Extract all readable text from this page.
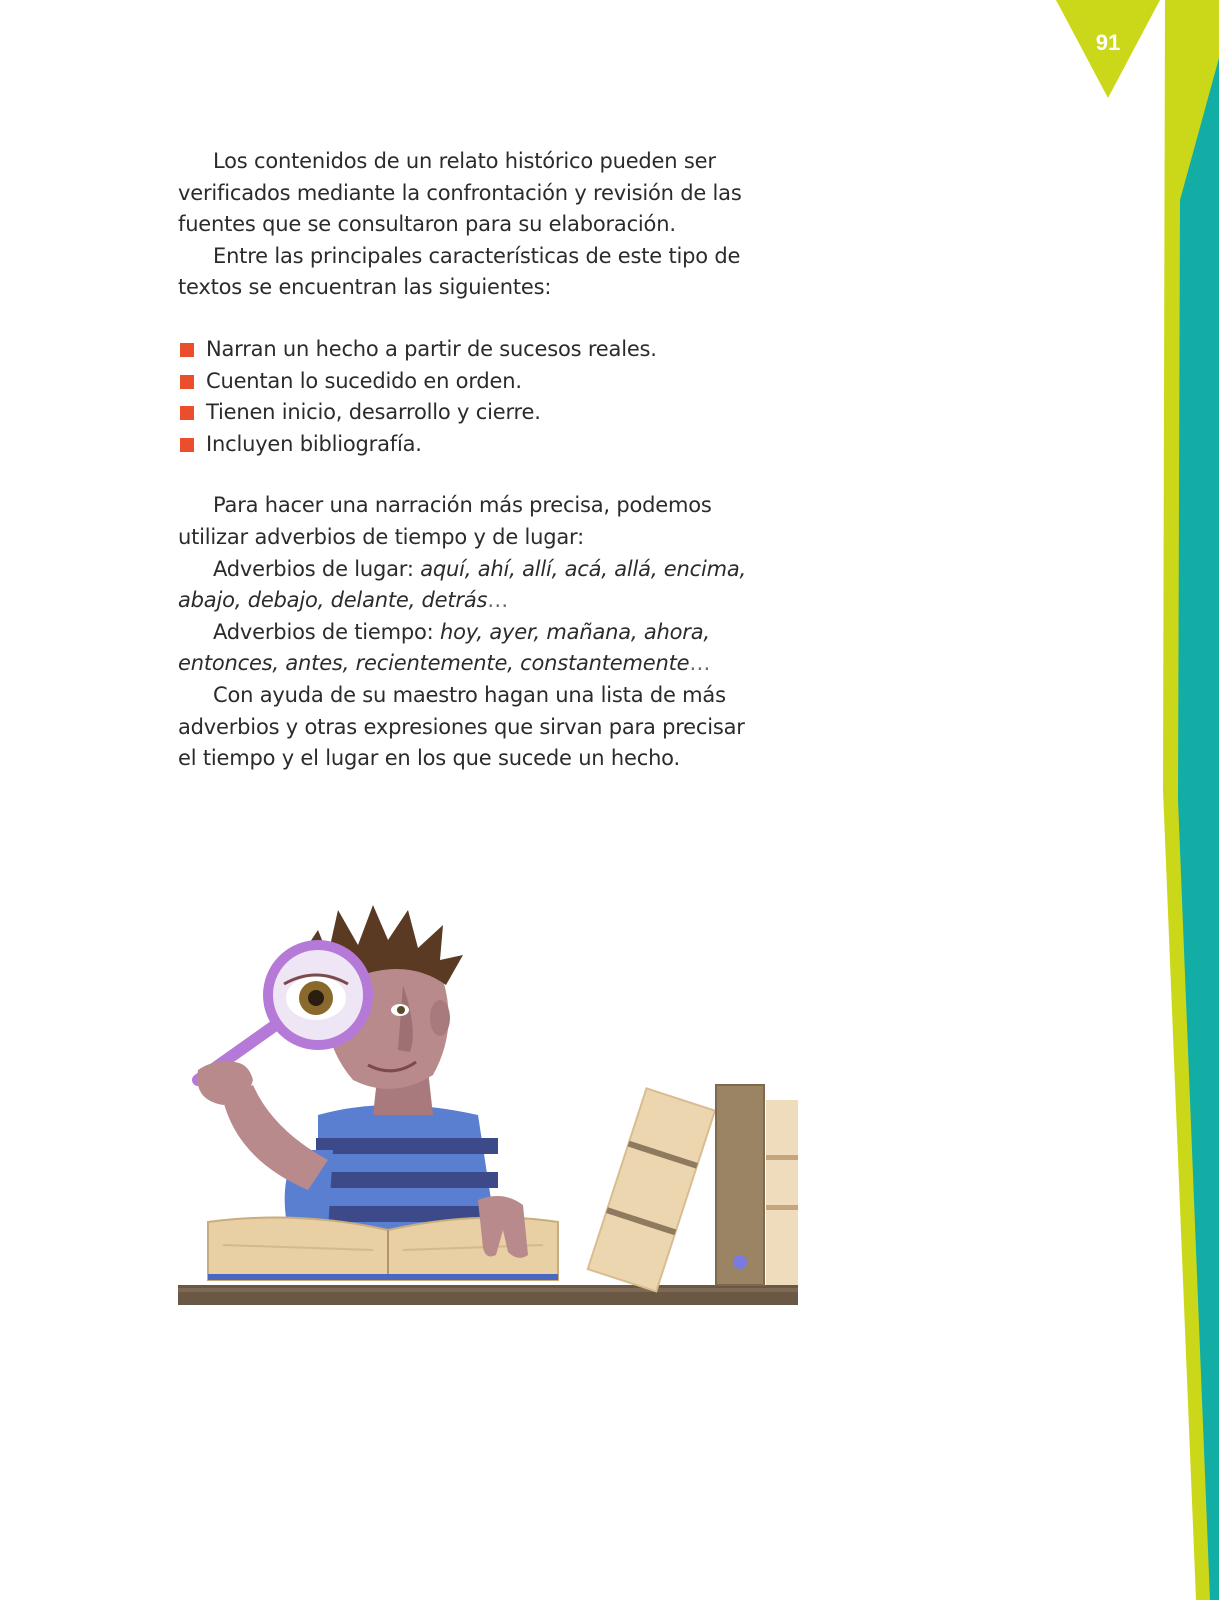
91

Los contenidos de un relato histórico pueden ser verificados mediante la confrontación y revisión de las fuentes que se consultaron para su elaboración.

Entre las principales características de este tipo de textos se encuentran las siguientes:

Narran un hecho a partir de sucesos reales.
Cuentan lo sucedido en orden.
Tienen inicio, desarrollo y cierre.
Incluyen bibliografía.

Para hacer una narración más precisa, podemos utilizar adverbios de tiempo y de lugar:

Adverbios de lugar: aquí, ahí, allí, acá, allá, encima, abajo, debajo, delante, detrás…

Adverbios de tiempo: hoy, ayer, mañana, ahora, entonces, antes, recientemente, constantemente…

Con ayuda de su maestro hagan una lista de más adverbios y otras expresiones que sirvan para precisar el tiempo y el lugar en los que sucede un hecho.
